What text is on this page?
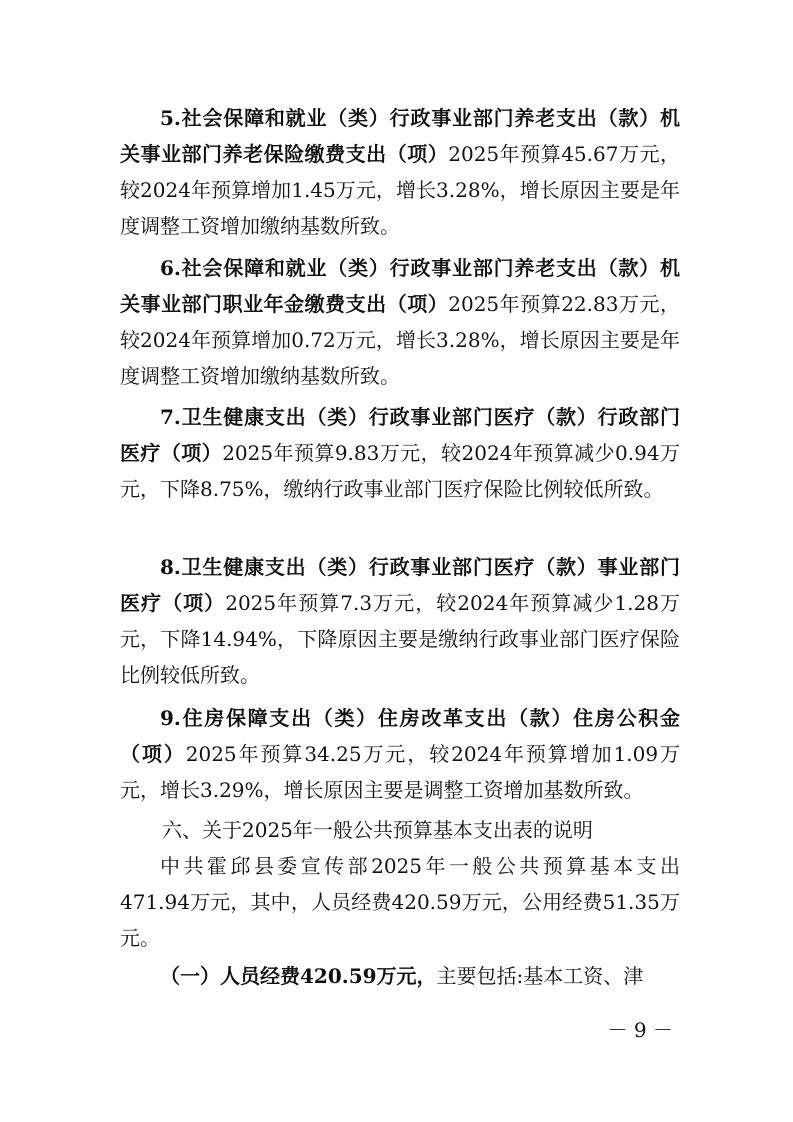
5.社会保障和就业（类）行政事业部门养老支出（款）机关事业部门养老保险缴费支出（项）2025年预算45.67万元，较2024年预算增加1.45万元，增长3.28%，增长原因主要是年度调整工资增加缴纳基数所致。

6.社会保障和就业（类）行政事业部门养老支出（款）机关事业部门职业年金缴费支出（项）2025年预算22.83万元，较2024年预算增加0.72万元，增长3.28%，增长原因主要是年度调整工资增加缴纳基数所致。

7.卫生健康支出（类）行政事业部门医疗（款）行政部门医疗（项）2025年预算9.83万元，较2024年预算减少0.94万元，下降8.75%，缴纳行政事业部门医疗保险比例较低所致。

8.卫生健康支出（类）行政事业部门医疗（款）事业部门医疗（项）2025年预算7.3万元，较2024年预算减少1.28万元，下降14.94%，下降原因主要是缴纳行政事业部门医疗保险比例较低所致。

9.住房保障支出（类）住房改革支出（款）住房公积金（项）2025年预算34.25万元，较2024年预算增加1.09万元，增长3.29%，增长原因主要是调整工资增加基数所致。

六、关于2025年一般公共预算基本支出表的说明

中共霍邱县委宣传部2025年一般公共预算基本支出471.94万元，其中，人员经费420.59万元，公用经费51.35万元。

（一）人员经费420.59万元，主要包括:基本工资、津

－ 9 －
